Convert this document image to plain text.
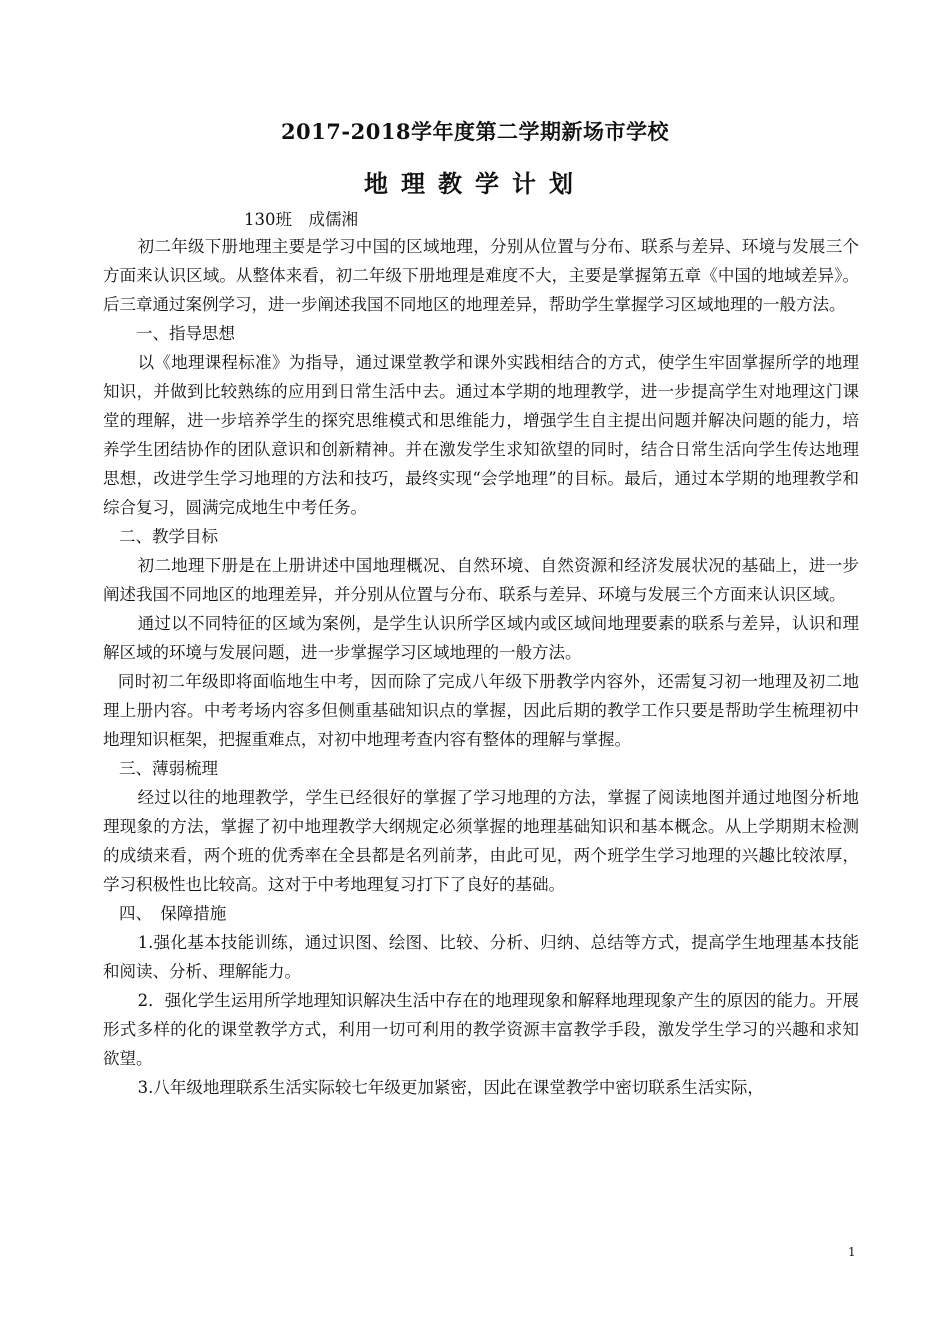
2017-2018学年度第二学期新场市学校
地理教学计划
130班　成儒湘

初二年级下册地理主要是学习中国的区域地理，分别从位置与分布、联系与差异、环境与发展三个方面来认识区域。从整体来看，初二年级下册地理是难度不大，主要是掌握第五章《中国的地域差异》。后三章通过案例学习，进一步阐述我国不同地区的地理差异，帮助学生掌握学习区域地理的一般方法。

一、指导思想

以《地理课程标准》为指导，通过课堂教学和课外实践相结合的方式，使学生牢固掌握所学的地理知识，并做到比较熟练的应用到日常生活中去。通过本学期的地理教学，进一步提高学生对地理这门课堂的理解，进一步培养学生的探究思维模式和思维能力，增强学生自主提出问题并解决问题的能力，培养学生团结协作的团队意识和创新精神。并在激发学生求知欲望的同时，结合日常生活向学生传达地理思想，改进学生学习地理的方法和技巧，最终实现“会学地理”的目标。最后，通过本学期的地理教学和综合复习，圆满完成地生中考任务。

二、教学目标

初二地理下册是在上册讲述中国地理概况、自然环境、自然资源和经济发展状况的基础上，进一步阐述我国不同地区的地理差异，并分别从位置与分布、联系与差异、环境与发展三个方面来认识区域。

通过以不同特征的区域为案例，是学生认识所学区域内或区域间地理要素的联系与差异，认识和理解区域的环境与发展问题，进一步掌握学习区域地理的一般方法。

同时初二年级即将面临地生中考，因而除了完成八年级下册教学内容外，还需复习初一地理及初二地理上册内容。中考考场内容多但侧重基础知识点的掌握，因此后期的教学工作只要是帮助学生梳理初中地理知识框架，把握重难点，对初中地理考查内容有整体的理解与掌握。

三、薄弱梳理

经过以往的地理教学，学生已经很好的掌握了学习地理的方法，掌握了阅读地图并通过地图分析地理现象的方法，掌握了初中地理教学大纲规定必须掌握的地理基础知识和基本概念。从上学期期末检测的成绩来看，两个班的优秀率在全县都是名列前茅，由此可见，两个班学生学习地理的兴趣比较浓厚，学习积极性也比较高。这对于中考地理复习打下了良好的基础。

四、　保障措施

1.强化基本技能训练，通过识图、绘图、比较、分析、归纳、总结等方式，提高学生地理基本技能和阅读、分析、理解能力。

2．强化学生运用所学地理知识解决生活中存在的地理现象和解释地理现象产生的原因的能力。开展形式多样的化的课堂教学方式，利用一切可利用的教学资源丰富教学手段，激发学生学习的兴趣和求知欲望。

3.八年级地理联系生活实际较七年级更加紧密，因此在课堂教学中密切联系生活实际，

1
